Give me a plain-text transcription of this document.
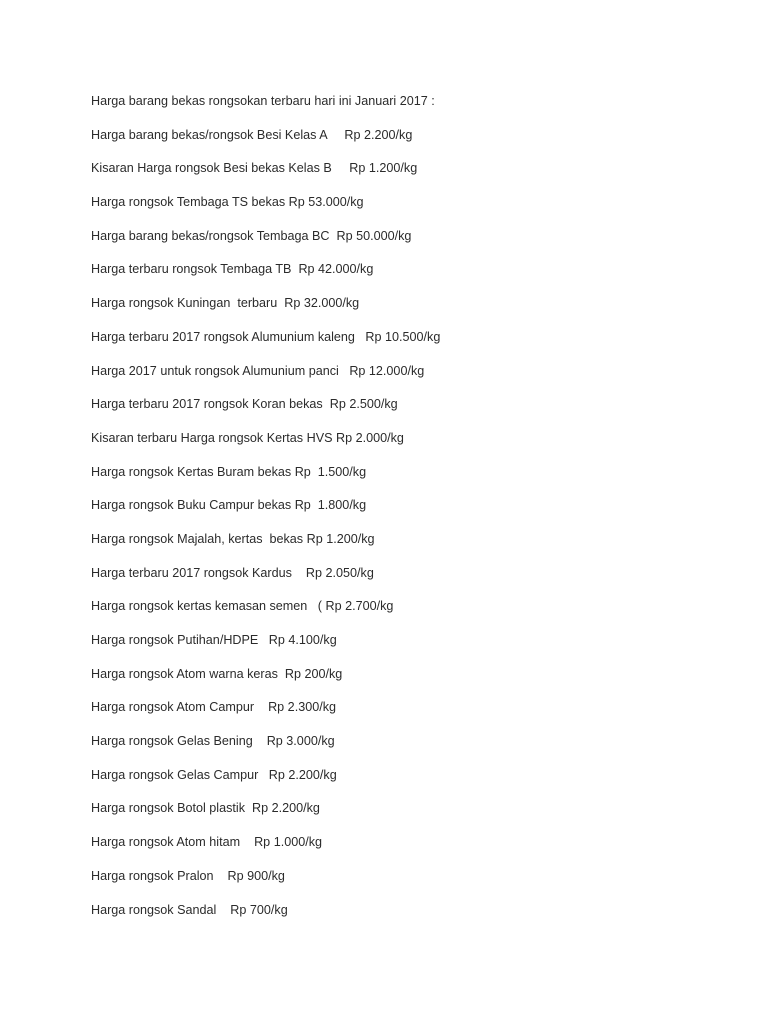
Harga barang bekas rongsokan terbaru hari ini Januari 2017 :
Harga barang bekas/rongsok Besi Kelas A     Rp 2.200/kg
Kisaran Harga rongsok Besi bekas Kelas B     Rp 1.200/kg
Harga rongsok Tembaga TS bekas Rp 53.000/kg
Harga barang bekas/rongsok Tembaga BC  Rp 50.000/kg
Harga terbaru rongsok Tembaga TB  Rp 42.000/kg
Harga rongsok Kuningan  terbaru  Rp 32.000/kg
Harga terbaru 2017 rongsok Alumunium kaleng   Rp 10.500/kg
Harga 2017 untuk rongsok Alumunium panci   Rp 12.000/kg
Harga terbaru 2017 rongsok Koran bekas  Rp 2.500/kg
Kisaran terbaru Harga rongsok Kertas HVS Rp 2.000/kg
Harga rongsok Kertas Buram bekas Rp  1.500/kg
Harga rongsok Buku Campur bekas Rp  1.800/kg
Harga rongsok Majalah, kertas  bekas Rp 1.200/kg
Harga terbaru 2017 rongsok Kardus    Rp 2.050/kg
Harga rongsok kertas kemasan semen   ( Rp 2.700/kg
Harga rongsok Putihan/HDPE   Rp 4.100/kg
Harga rongsok Atom warna keras  Rp 200/kg
Harga rongsok Atom Campur    Rp 2.300/kg
Harga rongsok Gelas Bening    Rp 3.000/kg
Harga rongsok Gelas Campur   Rp 2.200/kg
Harga rongsok Botol plastik  Rp 2.200/kg
Harga rongsok Atom hitam    Rp 1.000/kg
Harga rongsok Pralon    Rp 900/kg
Harga rongsok Sandal    Rp 700/kg
